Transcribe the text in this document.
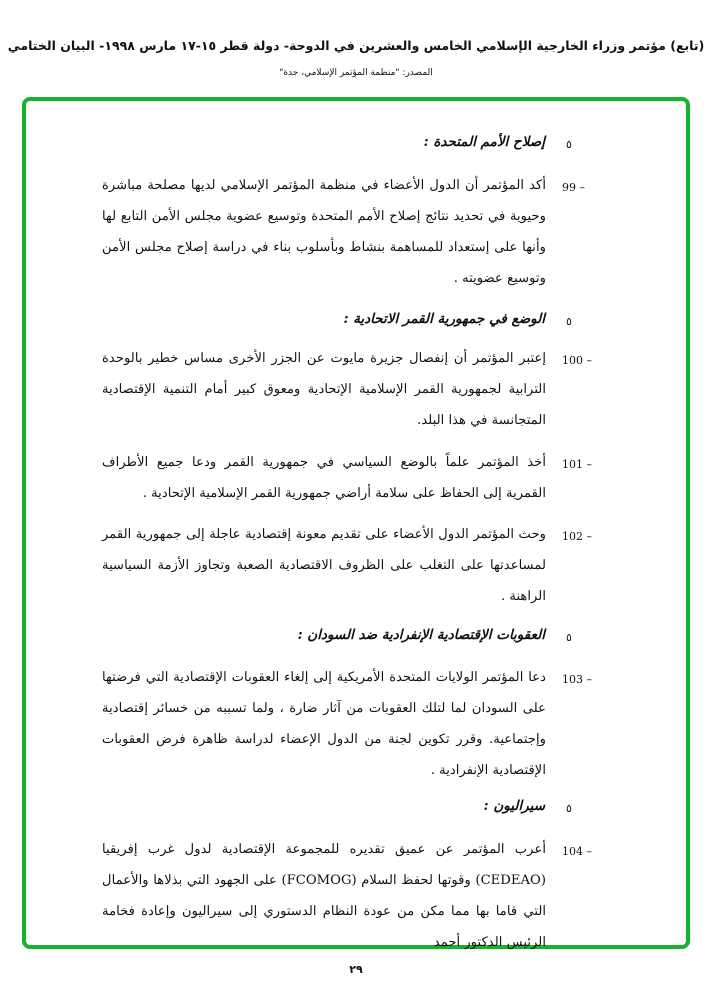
(تابع) مؤتمر وزراء الخارجية الإسلامي الخامس والعشرين في الدوحة- دولة قطر ١٥-١٧ مارس ١٩٩٨- البيان الختامي
المصدر: "منظمة المؤتمر الإسلامي، جدة"
٥
إصلاح الأمم المتحدة :
99 –
أكد المؤتمر أن الدول الأعضاء في منظمة المؤتمر الإسلامي لديها مصلحة مباشرة وحيوية في تحديد نتائج إصلاح الأمم المتحدة وتوسيع عضوية مجلس الأمن التابع لها وأنها على إستعداد للمساهمة بنشاط وبأسلوب بناء في دراسة إصلاح مجلس الأمن وتوسيع عضويته .
٥
الوضع في جمهورية القمر الاتحادية :
100 –
إعتبر المؤتمر أن إنفصال جزيرة مايوت عن الجزر الأخرى مساس خطير بالوحدة الترابية لجمهورية القمر الإسلامية الإتحادية ومعوق كبير أمام التنمية الإقتصادية المتجانسة في هذا البلد.
101 –
أخذ المؤتمر علماً بالوضع السياسي في جمهورية القمر ودعا جميع الأطراف القمرية إلى الحفاظ على سلامة أراضي جمهورية القمر الإسلامية الإتحادية .
102 –
وحث المؤتمر الدول الأعضاء على تقديم معونة إقتصادية عاجلة إلى جمهورية القمر لمساعدتها على التغلب على الظروف الاقتصادية الصعبة وتجاوز الأزمة السياسية الراهنة .
٥
العقوبات الإقتصادية الإنفرادية ضد السودان :
103 –
دعا المؤتمر الولايات المتحدة الأمريكية إلى إلغاء العقوبات الإقتصادية التي فرضتها على السودان لما لتلك العقوبات من آثار ضارة ، ولما تسببه من خسائر إقتصادية وإجتماعية. وقرر تكوين لجنة من الدول الإعضاء لدراسة ظاهرة فرض العقوبات الإقتصادية الإنفرادية .
٥
سيراليون :
104 –
أعرب المؤتمر عن عميق تقديره للمجموعة الإقتصادية لدول غرب إفريقيا (CEDEAO) وقوتها لحفظ السلام (FCOMOG) على الجهود التي بذلاها والأعمال التي قاما بها مما مكن من عودة النظام الدستوري إلى سيراليون وإعادة فخامة الرئيس الدكتور أحمد
٢٩
